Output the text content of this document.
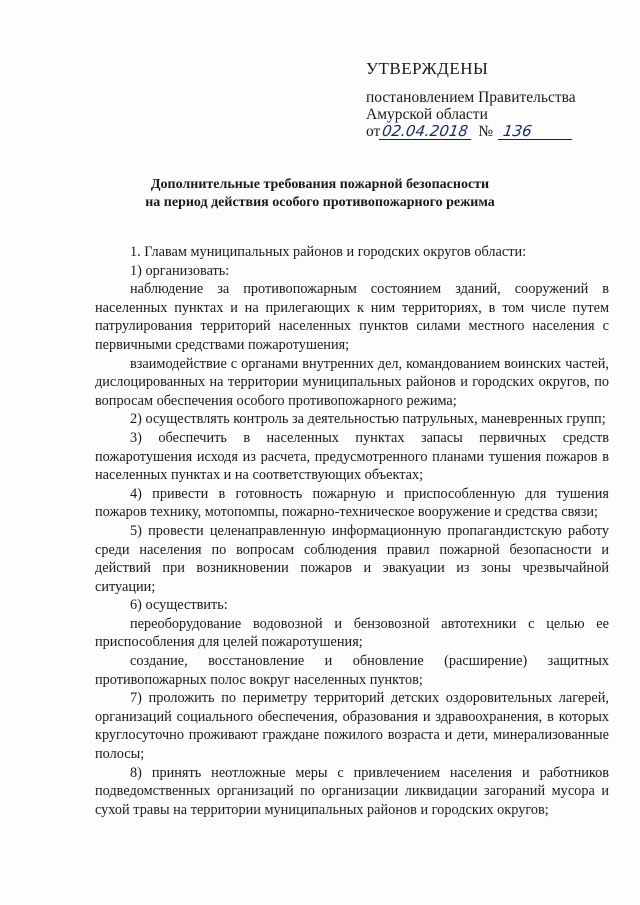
УТВЕРЖДЕНЫ
постановлением Правительства
Амурской области
от 02.04.2018 № 136
Дополнительные требования пожарной безопасности
на период действия особого противопожарного режима

1. Главам муниципальных районов и городских округов области:

1) организовать:

наблюдение за противопожарным состоянием зданий, сооружений в населенных пунктах и на прилегающих к ним территориях, в том числе путем патрулирования территорий населенных пунктов силами местного населения с первичными средствами пожаротушения;

взаимодействие с органами внутренних дел, командованием воинских частей, дислоцированных на территории муниципальных районов и городских округов, по вопросам обеспечения особого противопожарного режима;

2) осуществлять контроль за деятельностью патрульных, маневренных групп;

3) обеспечить в населенных пунктах запасы первичных средств пожаротушения исходя из расчета, предусмотренного планами тушения пожаров в населенных пунктах и на соответствующих объектах;

4) привести в готовность пожарную и приспособленную для тушения пожаров технику, мотопомпы, пожарно-техническое вооружение и средства связи;

5) провести целенаправленную информационную пропагандистскую работу среди населения по вопросам соблюдения правил пожарной безопасности и действий при возникновении пожаров и эвакуации из зоны чрезвычайной ситуации;

6) осуществить:

переоборудование водовозной и бензовозной автотехники с целью ее приспособления для целей пожаротушения;

создание, восстановление и обновление (расширение) защитных противопожарных полос вокруг населенных пунктов;

7) проложить по периметру территорий детских оздоровительных лагерей, организаций социального обеспечения, образования и здравоохранения, в которых круглосуточно проживают граждане пожилого возраста и дети, минерализованные полосы;

8) принять неотложные меры с привлечением населения и работников подведомственных организаций по организации ликвидации загораний мусора и сухой травы на территории муниципальных районов и городских округов;
